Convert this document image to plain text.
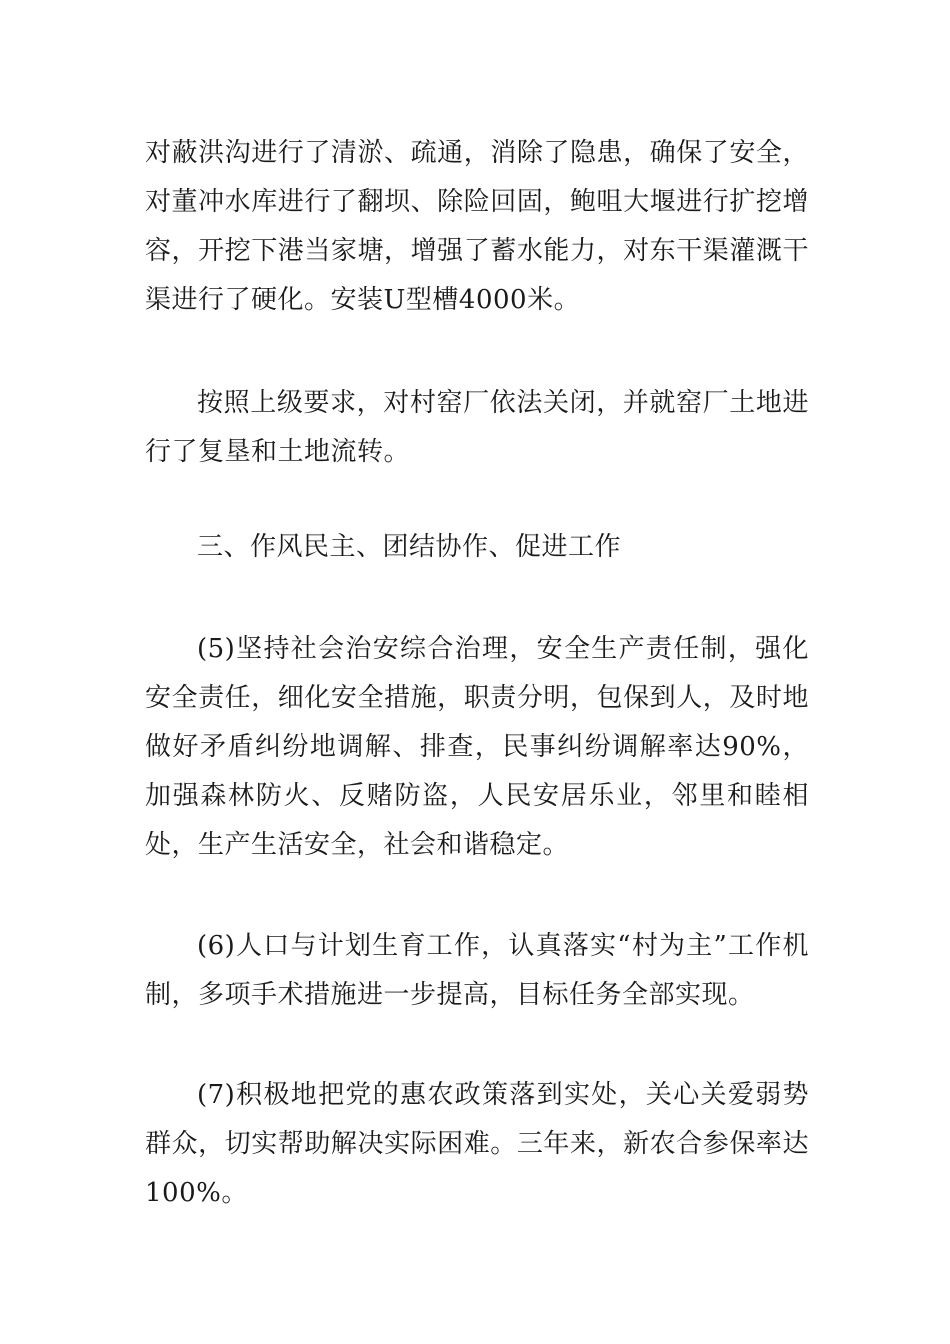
对蔽洪沟进行了清淤、疏通，消除了隐患，确保了安全，对董冲水库进行了翻坝、除险回固，鲍咀大堰进行扩挖增容，开挖下港当家塘，增强了蓄水能力，对东干渠灌溉干渠进行了硬化。安装U型槽4000米。

按照上级要求，对村窑厂依法关闭，并就窑厂土地进行了复垦和土地流转。

三、作风民主、团结协作、促进工作

(5)坚持社会治安综合治理，安全生产责任制，强化安全责任，细化安全措施，职责分明，包保到人，及时地做好矛盾纠纷地调解、排查，民事纠纷调解率达90%，加强森林防火、反赌防盗，人民安居乐业，邻里和睦相处，生产生活安全，社会和谐稳定。

(6)人口与计划生育工作，认真落实“村为主”工作机制，多项手术措施进一步提高，目标任务全部实现。

(7)积极地把党的惠农政策落到实处，关心关爱弱势群众，切实帮助解决实际困难。三年来，新农合参保率达100%。
